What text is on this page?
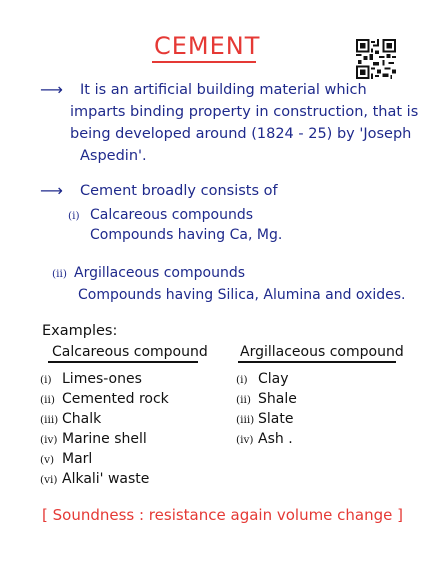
CEMENT
⟶ It is an artificial building material which
imparts binding property in construction, that is
being developed around (1824 - 25) by 'Joseph
Aspedin'.
⟶ Cement broadly consists of
(i) Calcareous compounds
Compounds having Ca, Mg.
(ii) Argillaceous compounds
Compounds having Silica, Alumina and oxides.
Examples:
Calcareous compound Argillaceous compound
(i) Limes-ones
(ii) Cemented rock
(iii) Chalk
(iv) Marine shell
(v) Marl
(vi) Alkali' waste
(i) Clay
(ii) Shale
(iii) Slate
(iv) Ash .
[ Soundness : resistance again volume change ]
